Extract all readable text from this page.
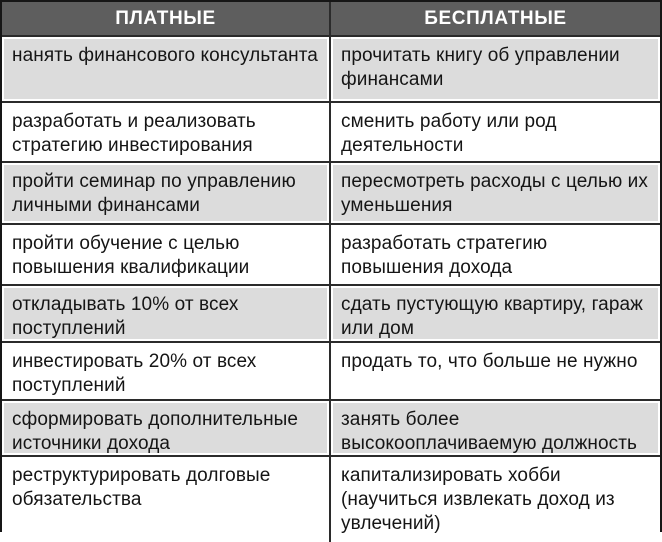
ПЛАТНЫЕ	БЕСПЛАТНЫЕ
нанять финансового консультанта	прочитать книгу об управлении финансами
разработать и реализовать стратегию инвестирования
сменить работу или род деятельности
пройти семинар по управлению личными финансами
пересмотреть расходы с целью их уменьшения
пройти обучение с целью повышения квалификации
разработать стратегию повышения дохода
откладывать 10% от всех поступлений
сдать пустующую квартиру, гараж или дом
инвестировать 20% от всех поступлений
продать то, что больше не нужно
сформировать дополнительные источники дохода
занять более высокооплачиваемую должность
реструктурировать долговые обязательства
капитализировать хобби (научиться извлекать доход из увлечений)
